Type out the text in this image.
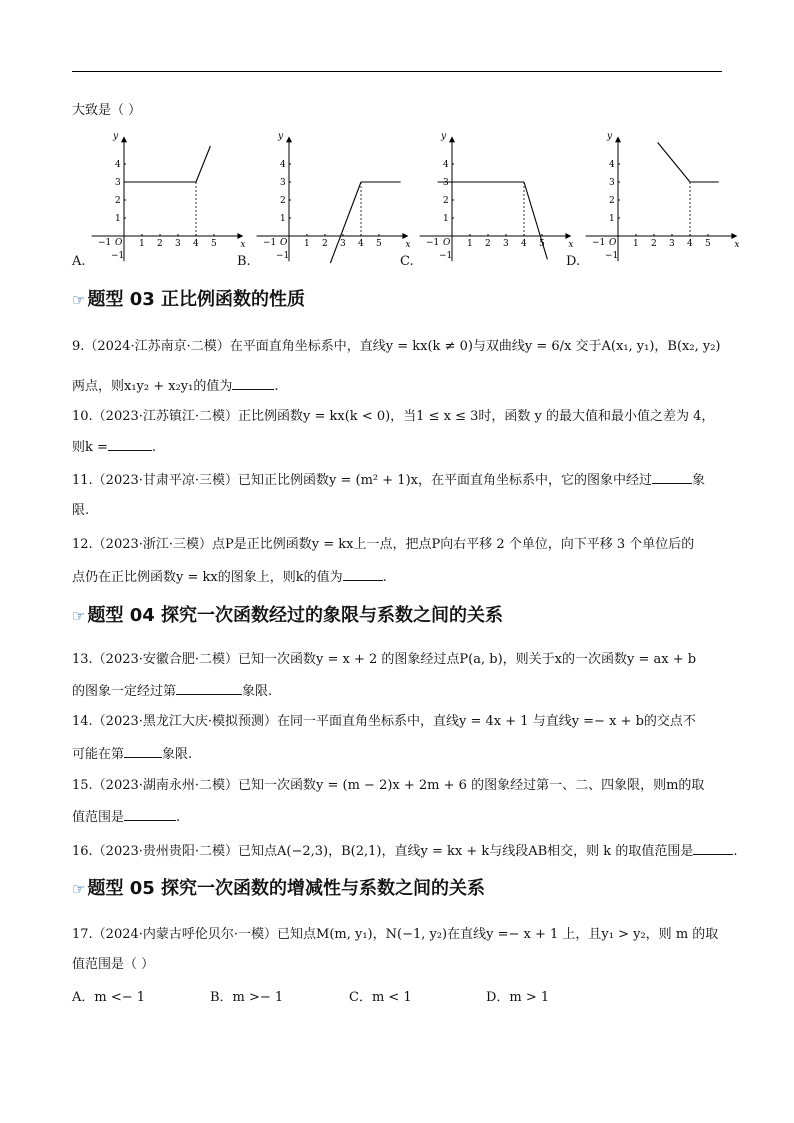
大致是（ ）
y
x
O
−1
−1
1 2 3 4 5
1
2
3
4
A.
y
x
O
−1
−1
1 2 3 4 5
1
2
3
4
B.
y
x
O
−1
−1
1 2 3 4 5
1
2
3
4
C.
y
x
O
−1
−1
1 2 3 4 5
1
2
3
4
D.
☞ 题型 03 正比例函数的性质
9.（2024·江苏南京·二模）在平面直角坐标系中，直线y = kx(k ≠ 0)与双曲线y = 6/x 交于A(x₁, y₁)，B(x₂, y₂)
两点，则x₁y₂ + x₂y₁的值为	.
10.（2023·江苏镇江·二模）正比例函数y = kx(k < 0)，当1 ≤ x ≤ 3时，函数 y 的最大值和最小值之差为 4，
则k =	.
11.（2023·甘肃平凉·三模）已知正比例函数y = (m² + 1)x，在平面直角坐标系中，它的图象中经过	象
限.
12.（2023·浙江·三模）点P是正比例函数y = kx上一点，把点P向右平移 2 个单位，向下平移 3 个单位后的
点仍在正比例函数y = kx的图象上，则k的值为	.
☞ 题型 04 探究一次函数经过的象限与系数之间的关系
13.（2023·安徽合肥·二模）已知一次函数y = x + 2 的图象经过点P(a, b)，则关于x的一次函数y = ax + b
的图象一定经过第	象限.
14.（2023·黑龙江大庆·模拟预测）在同一平面直角坐标系中，直线y = 4x + 1 与直线y =− x + b的交点不
可能在第	象限.
15.（2023·湖南永州·二模）已知一次函数y = (m − 2)x + 2m + 6 的图象经过第一、二、四象限，则m的取
值范围是	.
16.（2023·贵州贵阳·二模）已知点A(−2,3)，B(2,1)，直线y = kx + k与线段AB相交，则 k 的取值范围是	.
☞ 题型 05 探究一次函数的增减性与系数之间的关系
17.（2024·内蒙古呼伦贝尔·一模）已知点M(m, y₁)，N(−1, y₂)在直线y =− x + 1 上，且y₁ > y₂，则 m 的取
值范围是（ ）
A．m <− 1	B．m >− 1	C．m < 1	D．m > 1
